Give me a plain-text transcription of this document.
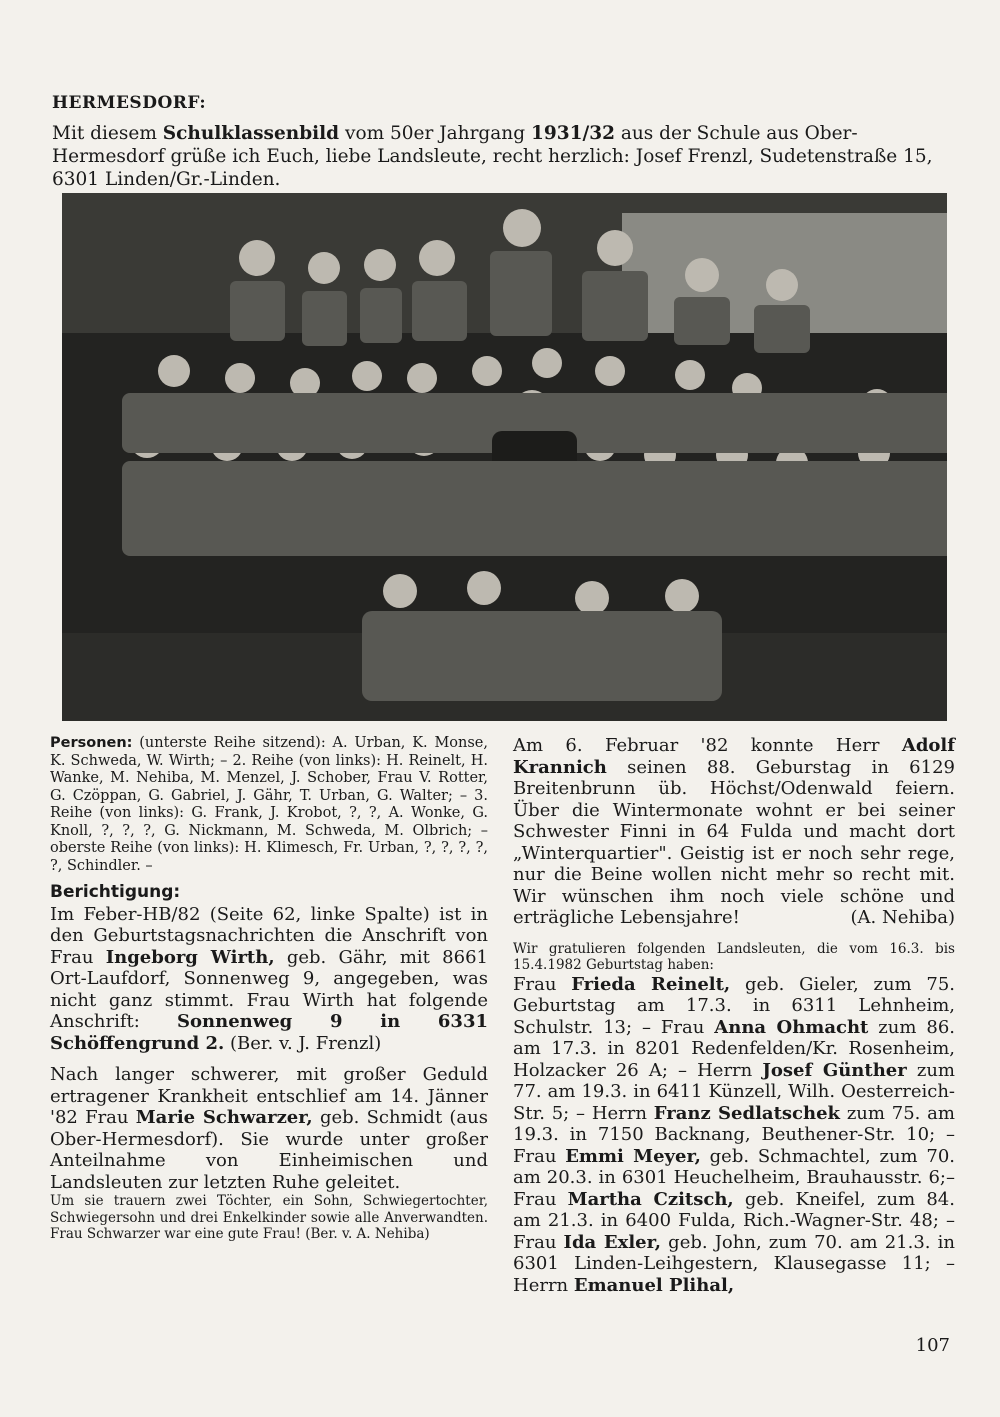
HERMESDORF:
Mit diesem Schulklassenbild vom 50er Jahrgang 1931/32 aus der Schule aus Ober-Hermesdorf grüße ich Euch, liebe Landsleute, recht herzlich: Josef Frenzl, Sudetenstraße 15, 6301 Linden/Gr.-Linden.
Personen: (unterste Reihe sitzend): A. Urban, K. Monse, K. Schweda, W. Wirth; – 2. Reihe (von links): H. Reinelt, H. Wanke, M. Nehiba, M. Menzel, J. Schober, Frau V. Rotter, G. Czöppan, G. Gabriel, J. Gähr, T. Urban, G. Walter; – 3. Reihe (von links): G. Frank, J. Krobot, ?, ?, A. Wonke, G. Knoll, ?, ?, ?, G. Nickmann, M. Schweda, M. Olbrich; – oberste Reihe (von links): H. Klimesch, Fr. Urban, ?, ?, ?, ?, ?, Schindler. –
Berichtigung:

Im Feber-HB/82 (Seite 62, linke Spalte) ist in den Geburtstagsnachrichten die Anschrift von Frau Ingeborg Wirth, geb. Gähr, mit 8661 Ort-Laufdorf, Sonnenweg 9, angegeben, was nicht ganz stimmt. Frau Wirth hat folgende Anschrift: Sonnenweg 9 in 6331 Schöffengrund 2. (Ber. v. J. Frenzl)

Nach langer schwerer, mit großer Geduld ertragener Krankheit entschlief am 14. Jänner '82 Frau Marie Schwarzer, geb. Schmidt (aus Ober-Hermesdorf). Sie wurde unter großer Anteilnahme von Einheimischen und Landsleuten zur letzten Ruhe geleitet.

Um sie trauern zwei Töchter, ein Sohn, Schwiegertochter, Schwiegersohn und drei Enkelkinder sowie alle Anverwandten. Frau Schwarzer war eine gute Frau! (Ber. v. A. Nehiba)

Am 6. Februar '82 konnte Herr Adolf Krannich seinen 88. Geburstag in 6129 Breitenbrunn üb. Höchst/Odenwald feiern. Über die Wintermonate wohnt er bei seiner Schwester Finni in 64 Fulda und macht dort „Winterquartier". Geistig ist er noch sehr rege, nur die Beine wollen nicht mehr so recht mit. Wir wünschen ihm noch viele schöne und erträgliche Lebensjahre!	(A. Nehiba)

Wir gratulieren folgenden Landsleuten, die vom 16.3. bis 15.4.1982 Geburtstag haben:

Frau Frieda Reinelt, geb. Gieler, zum 75. Geburtstag am 17.3. in 6311 Lehnheim, Schulstr. 13; – Frau Anna Ohmacht zum 86. am 17.3. in 8201 Redenfelden/Kr. Rosenheim, Holzacker 26 A; – Herrn Josef Günther zum 77. am 19.3. in 6411 Künzell, Wilh. Oesterreich-Str. 5; – Herrn Franz Sedlatschek zum 75. am 19.3. in 7150 Backnang, Beuthener-Str. 10; – Frau Emmi Meyer, geb. Schmachtel, zum 70. am 20.3. in 6301 Heuchelheim, Brauhausstr. 6;– Frau Martha Czitsch, geb. Kneifel, zum 84. am 21.3. in 6400 Fulda, Rich.-Wagner-Str. 48; – Frau Ida Exler, geb. John, zum 70. am 21.3. in 6301 Linden-Leihgestern, Klausegasse 11; – Herrn Emanuel Plihal,

107
